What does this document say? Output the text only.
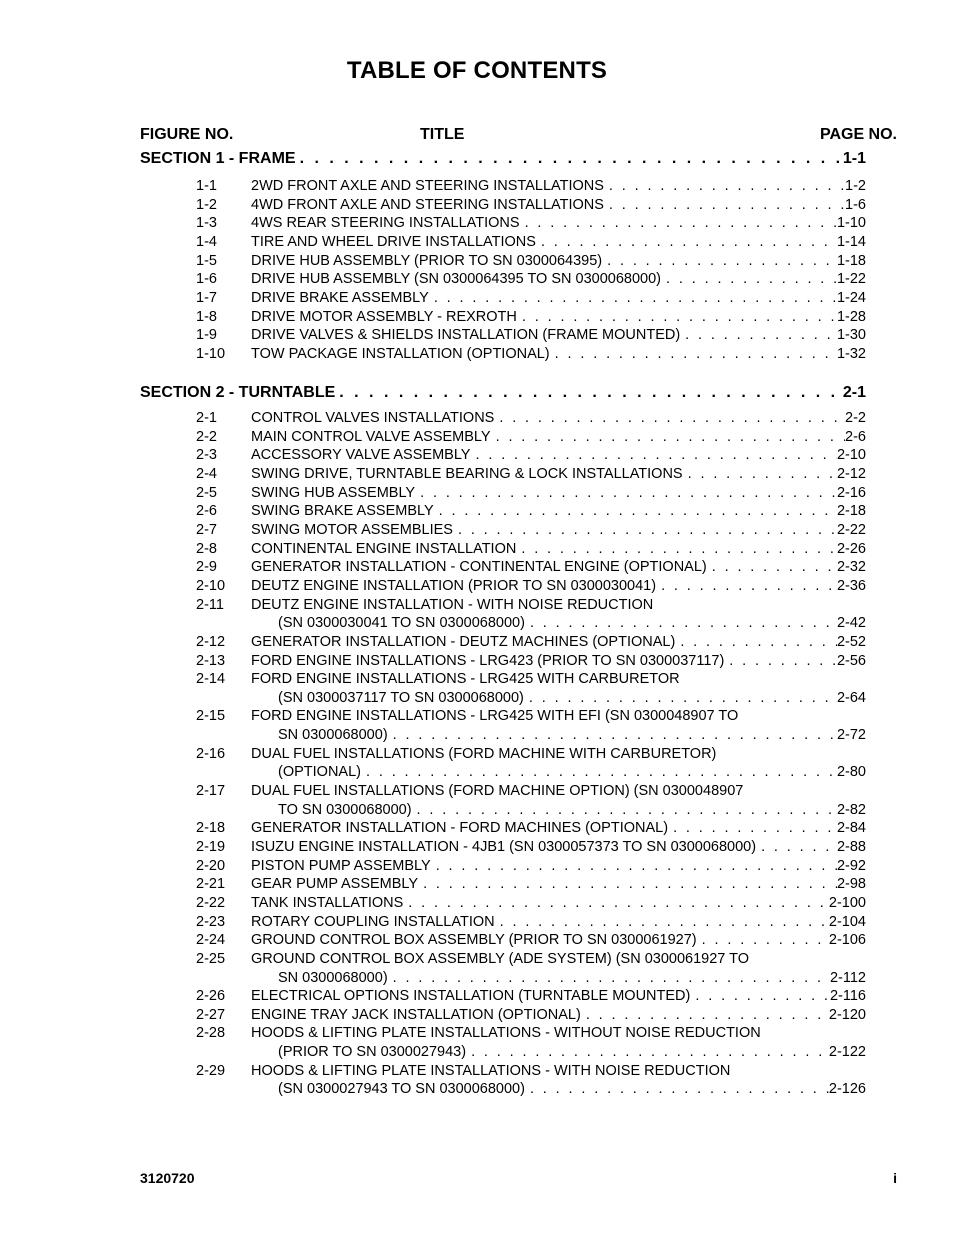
TABLE OF CONTENTS
FIGURE NO.	TITLE	PAGE NO.
SECTION 1 - FRAME . . .	1-1
1-1	2WD FRONT AXLE AND STEERING INSTALLATIONS . . .	1-2
1-2	4WD FRONT AXLE AND STEERING INSTALLATIONS . . .	1-6
1-3	4WS REAR STEERING INSTALLATIONS . . .	1-10
1-4	TIRE AND WHEEL DRIVE INSTALLATIONS . . .	1-14
1-5	DRIVE HUB ASSEMBLY (PRIOR TO SN 0300064395) . . .	1-18
1-6	DRIVE HUB ASSEMBLY (SN 0300064395 TO SN 0300068000) . . .	1-22
1-7	DRIVE BRAKE ASSEMBLY . . .	1-24
1-8	DRIVE MOTOR ASSEMBLY - REXROTH . . .	1-28
1-9	DRIVE VALVES & SHIELDS INSTALLATION (FRAME MOUNTED) . . .	1-30
1-10	TOW PACKAGE INSTALLATION (OPTIONAL) . . .	1-32
SECTION 2 - TURNTABLE . . .	2-1
2-1	CONTROL VALVES INSTALLATIONS . . .	2-2
2-2	MAIN CONTROL VALVE ASSEMBLY . . .	2-6
2-3	ACCESSORY VALVE ASSEMBLY . . .	2-10
2-4	SWING DRIVE, TURNTABLE BEARING & LOCK INSTALLATIONS . . .	2-12
2-5	SWING HUB ASSEMBLY . . .	2-16
2-6	SWING BRAKE ASSEMBLY . . .	2-18
2-7	SWING MOTOR ASSEMBLIES . . .	2-22
2-8	CONTINENTAL ENGINE INSTALLATION . . .	2-26
2-9	GENERATOR INSTALLATION - CONTINENTAL ENGINE (OPTIONAL) . . .	2-32
2-10	DEUTZ ENGINE INSTALLATION (PRIOR TO SN 0300030041) . . .	2-36
2-11	DEUTZ ENGINE INSTALLATION - WITH NOISE REDUCTION
(SN 0300030041 TO SN 0300068000) . . .	2-42
2-12	GENERATOR INSTALLATION - DEUTZ MACHINES (OPTIONAL) . . .	2-52
2-13	FORD ENGINE INSTALLATIONS - LRG423 (PRIOR TO SN 0300037117) . . .	2-56
2-14	FORD ENGINE INSTALLATIONS - LRG425 WITH CARBURETOR
(SN 0300037117 TO SN 0300068000) . . .	2-64
2-15	FORD ENGINE INSTALLATIONS - LRG425 WITH EFI (SN 0300048907 TO
SN 0300068000) . . .	2-72
2-16	DUAL FUEL INSTALLATIONS (FORD MACHINE WITH CARBURETOR)
(OPTIONAL) . . .	2-80
2-17	DUAL FUEL INSTALLATIONS (FORD MACHINE OPTION) (SN 0300048907
TO SN 0300068000) . . .	2-82
2-18	GENERATOR INSTALLATION - FORD MACHINES (OPTIONAL) . . .	2-84
2-19	ISUZU ENGINE INSTALLATION - 4JB1 (SN 0300057373 TO SN 0300068000) . . .	2-88
2-20	PISTON PUMP ASSEMBLY . . .	2-92
2-21	GEAR PUMP ASSEMBLY . . .	2-98
2-22	TANK INSTALLATIONS . . .	2-100
2-23	ROTARY COUPLING INSTALLATION . . .	2-104
2-24	GROUND CONTROL BOX ASSEMBLY (PRIOR TO SN 0300061927) . . .	2-106
2-25	GROUND CONTROL BOX ASSEMBLY (ADE SYSTEM) (SN 0300061927 TO
SN 0300068000) . . .	2-112
2-26	ELECTRICAL OPTIONS INSTALLATION (TURNTABLE MOUNTED) . . .	2-116
2-27	ENGINE TRAY JACK INSTALLATION (OPTIONAL) . . .	2-120
2-28	HOODS & LIFTING PLATE INSTALLATIONS - WITHOUT NOISE REDUCTION
(PRIOR TO SN 0300027943) . . .	2-122
2-29	HOODS & LIFTING PLATE INSTALLATIONS - WITH NOISE REDUCTION
(SN 0300027943 TO SN 0300068000) . . .	2-126
3120720	i
